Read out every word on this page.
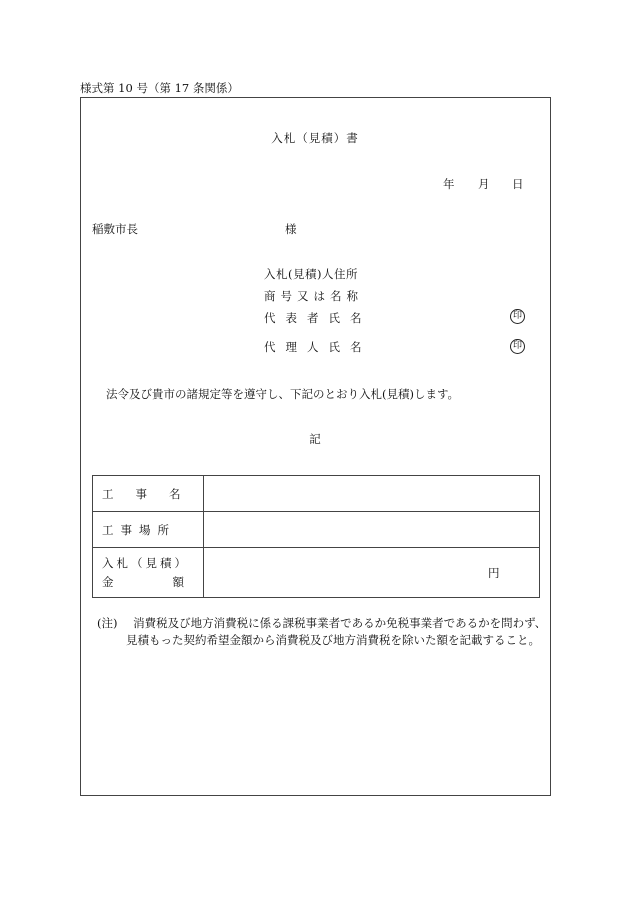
様式第 10 号（第 17 条関係）
入札（見積）書
年 月 日
稲敷市長	様
入札(見積)人住所
商号又は名称
代表者氏名	印
代理人氏名	印
法令及び貴市の諸規定等を遵守し、下記のとおり入札(見積)します。
記
工事名	
工事場所	

入札（見積）
金 額	円
(注) 消費税及び地方消費税に係る課税事業者であるか免税事業者であるかを問わず、
見積もった契約希望金額から消費税及び地方消費税を除いた額を記載すること。
